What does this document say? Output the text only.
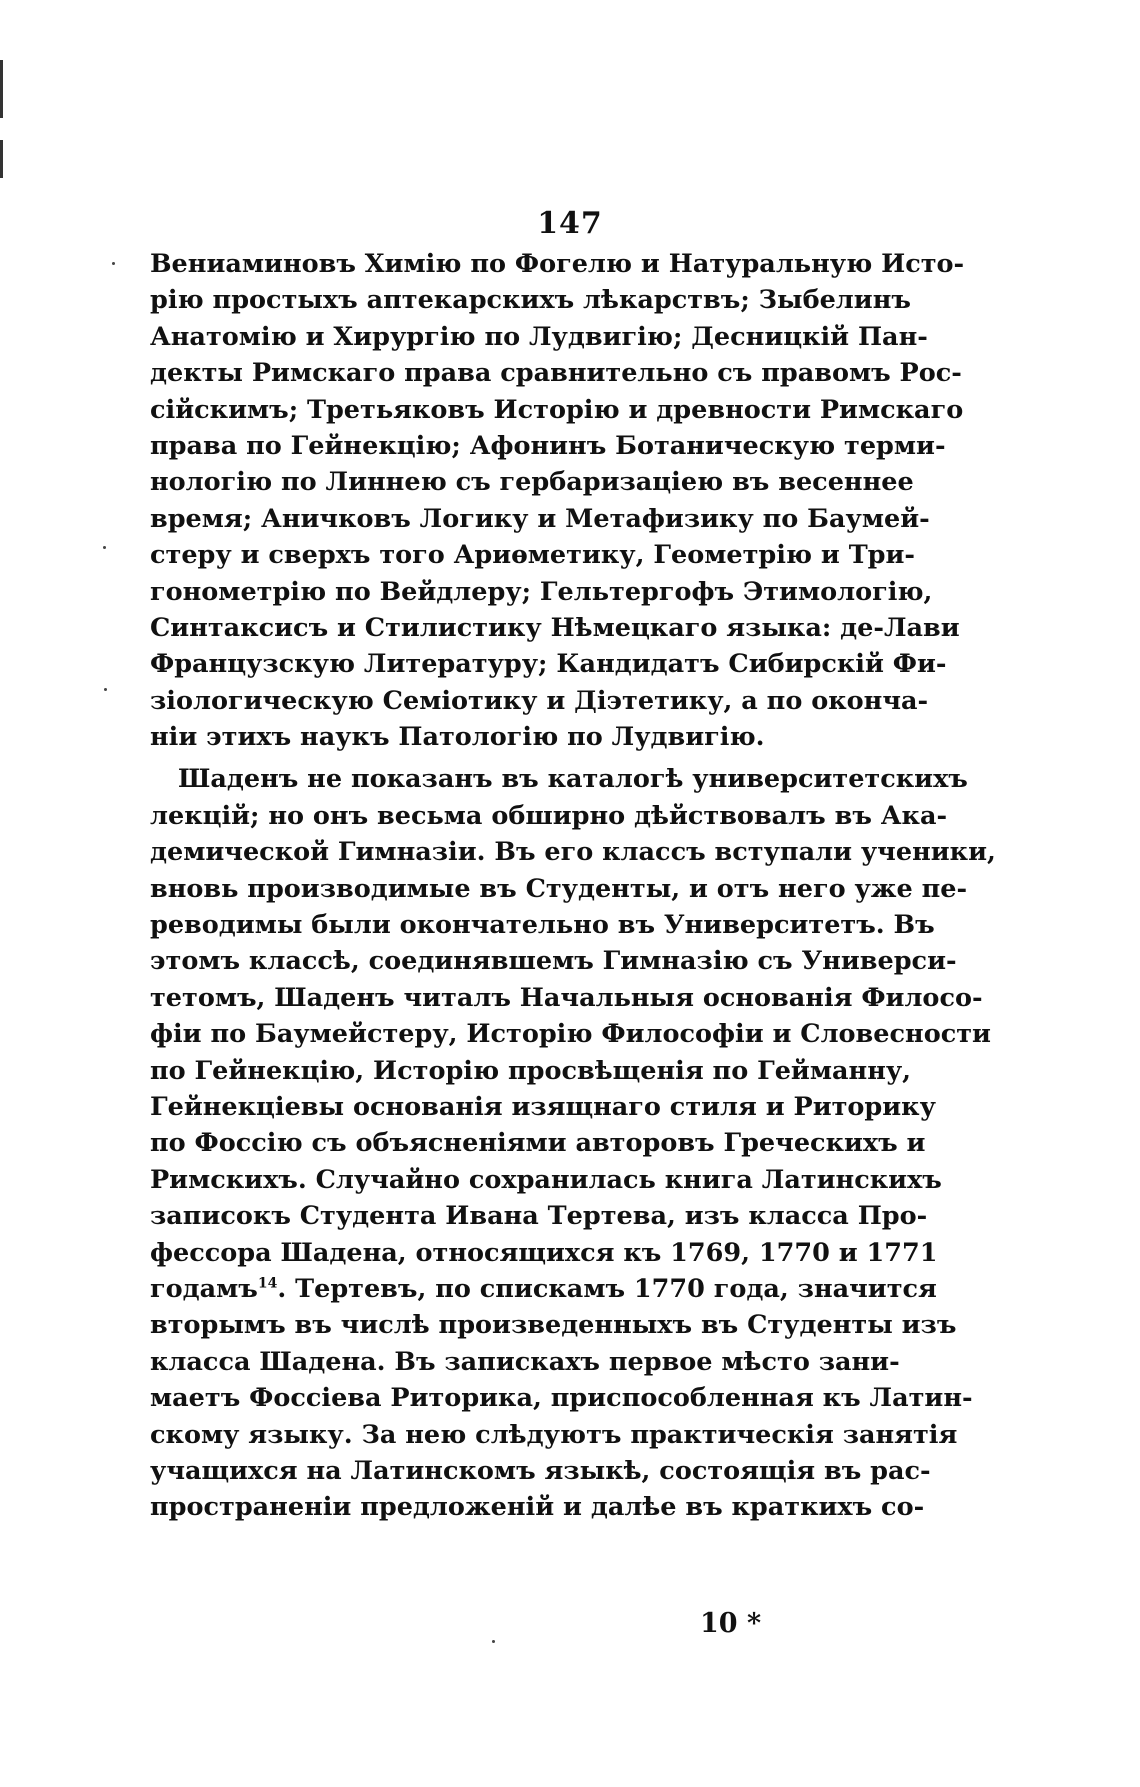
147
Вениаминовъ Химію по Фогелю и Натуральную Исто-
рію простыхъ аптекарскихъ лѣкарствъ; Зыбелинъ
Анатомію и Хирургію по Лудвигію; Десницкій Пан-
декты Римскаго права сравнительно съ правомъ Рос-
сійскимъ; Третьяковъ Исторію и древности Римскаго
права по Гейнекцію; Афонинъ Ботаническую терми-
нологію по Линнею съ гербаризаціею въ весеннее
время; Аничковъ Логику и Метафизику по Баумей-
стеру и сверхъ того Ариѳметику, Геометрію и Три-
гонометрію по Вейдлеру; Гельтергофъ Этимологію,
Синтаксисъ и Стилистику Нѣмецкаго языка: де-Лави
Французскую Литературу; Кандидатъ Сибирскій Фи-
зіологическую Семіотику и Діэтетику, а по оконча-
ніи этихъ наукъ Патологію по Лудвигію.
Шаденъ не показанъ въ каталогѣ университетскихъ
лекцій; но онъ весьма обширно дѣйствовалъ въ Ака-
демической Гимназіи. Въ его классъ вступали ученики,
вновь производимые въ Студенты, и отъ него уже пе-
реводимы были окончательно въ Университетъ. Въ
этомъ классѣ, соединявшемъ Гимназію съ Универси-
тетомъ, Шаденъ читалъ Начальныя основанія Филосо-
фіи по Баумейстеру, Исторію Философіи и Словесности
по Гейнекцію, Исторію просвѣщенія по Гейманну,
Гейнекціевы основанія изящнаго стиля и Риторику
по Фоссію съ объясненіями авторовъ Греческихъ и
Римскихъ. Случайно сохранилась книга Латинскихъ
записокъ Студента Ивана Тертева, изъ класса Про-
фессора Шадена, относящихся къ 1769, 1770 и 1771
годамъ$^{14}$. Тертевъ, по спискамъ 1770 года, значится
вторымъ въ числѣ произведенныхъ въ Студенты изъ
класса Шадена. Въ запискахъ первое мѣсто зани-
маетъ Фоссіева Риторика, приспособленная къ Латин-
скому языку. За нею слѣдуютъ практическія занятія
учащихся на Латинскомъ языкѣ, состоящія въ рас-
пространеніи предложеній и далѣе въ краткихъ со-
10 *
